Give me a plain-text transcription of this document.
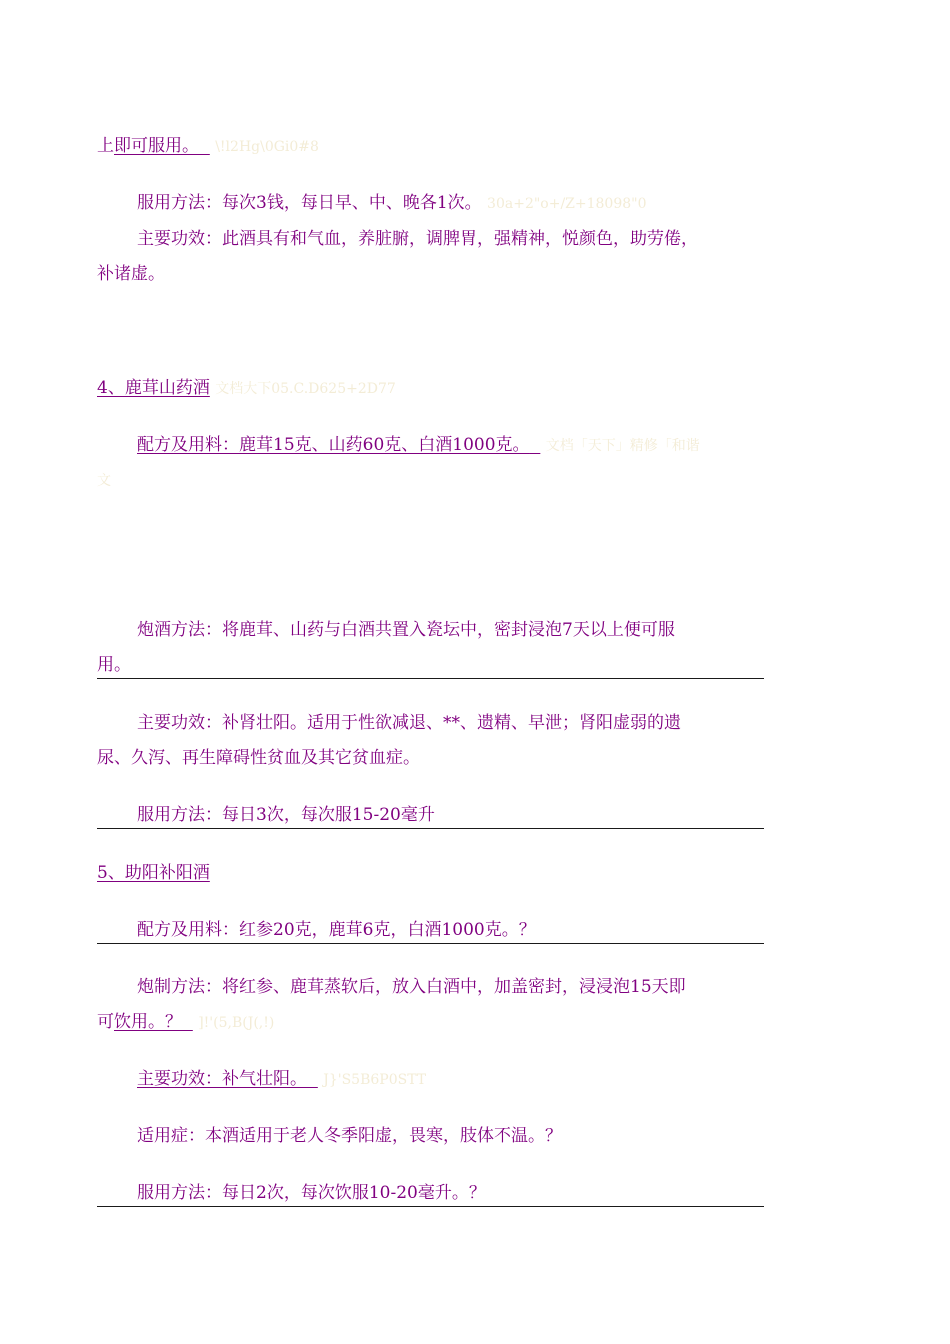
上即可服用。 \!l2Hg\0Gi0#8
服用方法：每次3钱，每日早、中、晚各1次。 30a+2"o+/Z+18098"0
主要功效：此酒具有和气血，养脏腑，调脾胃，强精神，悦颜色，助劳倦，
补诸虚。
4、鹿茸山药酒 文档大下05.C.D625+2D77
配方及用料：鹿茸15克、山药60克、白酒1000克。 文档「天下」精修「和谐
文
炮酒方法：将鹿茸、山药与白酒共置入瓷坛中，密封浸泡7天以上便可服
用。
主要功效：补肾壮阳。适用于性欲减退、**、遗精、早泄；肾阳虚弱的遗
尿、久泻、再生障碍性贫血及其它贫血症。
服用方法：每日3次，每次服15-20毫升
5、助阳补阳酒
配方及用料：红参20克，鹿茸6克，白酒1000克。？
炮制方法：将红参、鹿茸蒸软后，放入白酒中，加盖密封，浸浸泡15天即
可饮用。？ ]!'(5,B(J(,!)
主要功效：补气壮阳。 J}'S5B6P0STT
适用症：本酒适用于老人冬季阳虚，畏寒，肢体不温。？
服用方法：每日2次，每次饮服10-20毫升。？
